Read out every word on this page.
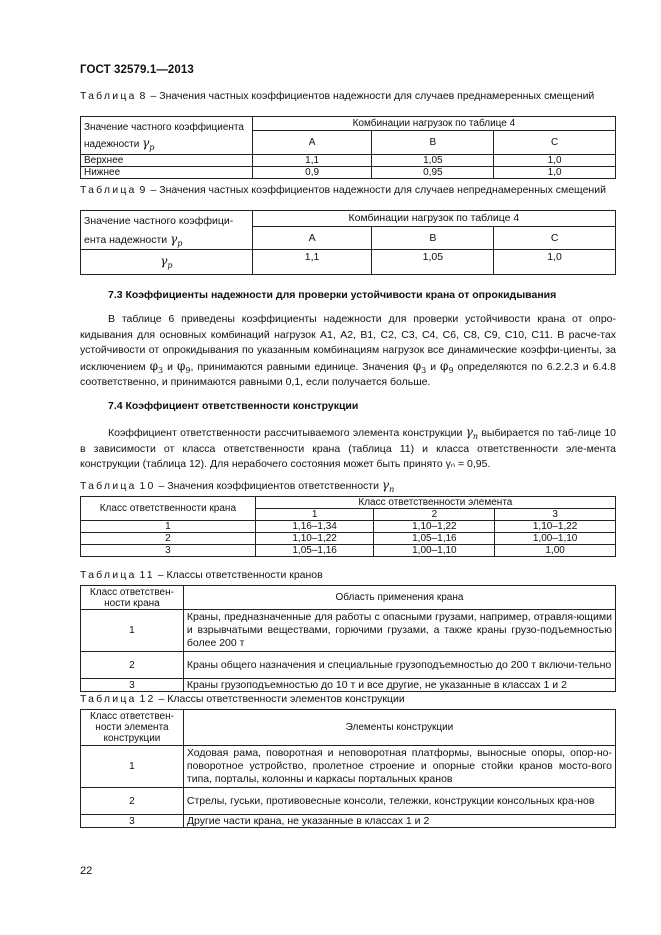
ГОСТ 32579.1—2013
Таблица 8 – Значения частных коэффициентов надежности для случаев преднамеренных смещений
Значение частного коэффициента
надежности $\gamma_p$	Комбинации нагрузок по таблице 4		
	A	B	C
Верхнее	1,1	1,05	1,0
Нижнее	0,9	0,95	1,0
Таблица 9 – Значения частных коэффициентов надежности для случаев непреднамеренных смещений
Значение частного коэффици-
ента надежности $\gamma_p$	Комбинации нагрузок по таблице 4		
	A	B	C
$\gamma_p$	1,1	1,05	1,0
7.3 Коэффициенты надежности для проверки устойчивости крана от опрокидывания
В таблице 6 приведены коэффициенты надежности для проверки устойчивости крана от опро-кидывания для основных комбинаций нагрузок А1, А2, В1, С2, С3, С4, С6, С8, С9, С10, С11. В расче-тах устойчивости от опрокидывания по указанным комбинациям нагрузок все динамические коэффи-циенты, за исключением $\varphi_3$ и $\varphi_9$, принимаются равными единице. Значения $\varphi_3$ и $\varphi_9$ определяются по 6.2.2.3 и 6.4.8 соответственно, и принимаются равными 0,1, если получается больше.
7.4 Коэффициент ответственности конструкции
Коэффициент ответственности рассчитываемого элемента конструкции $\gamma_n$ выбирается по таб-лице 10 в зависимости от класса ответственности крана (таблица 11) и класса ответственности эле-мента конструкции (таблица 12). Для нерабочего состояния может быть принято γₙ = 0,95.
Таблица 10 – Значения коэффициентов ответственности $\gamma_n$
Класс ответственности крана	Класс ответственности элемента		
	1	2	3
1	1,16–1,34	1,10–1,22	1,10–1,22
2	1,10–1,22	1,05–1,16	1,00–1,10
3	1,05–1,16	1,00–1,10	1,00
Таблица 11 – Классы ответственности кранов
Класс ответствен-ности крана	Область применения крана
1	Краны, предназначенные для работы с опасными грузами, например, отравля-ющими и взрывчатыми веществами, горючими грузами, а также краны грузо-подъемностью более 200 т
2	Краны общего назначения и специальные грузоподъемностью до 200 т включи-тельно
3	Краны грузоподъемностью до 10 т и все другие, не указанные в классах 1 и 2
Таблица 12 – Классы ответственности элементов конструкции
Класс ответствен-ности элемента конструкции	Элементы конструкции
1	Ходовая рама, поворотная и неповоротная платформы, выносные опоры, опор-но-поворотное устройство, пролетное строение и опорные стойки кранов мосто-вого типа, порталы, колонны и каркасы портальных кранов
2	Стрелы, гуськи, противовесные консоли, тележки, конструкции консольных кра-нов
3	Другие части крана, не указанные в классах 1 и 2
22
